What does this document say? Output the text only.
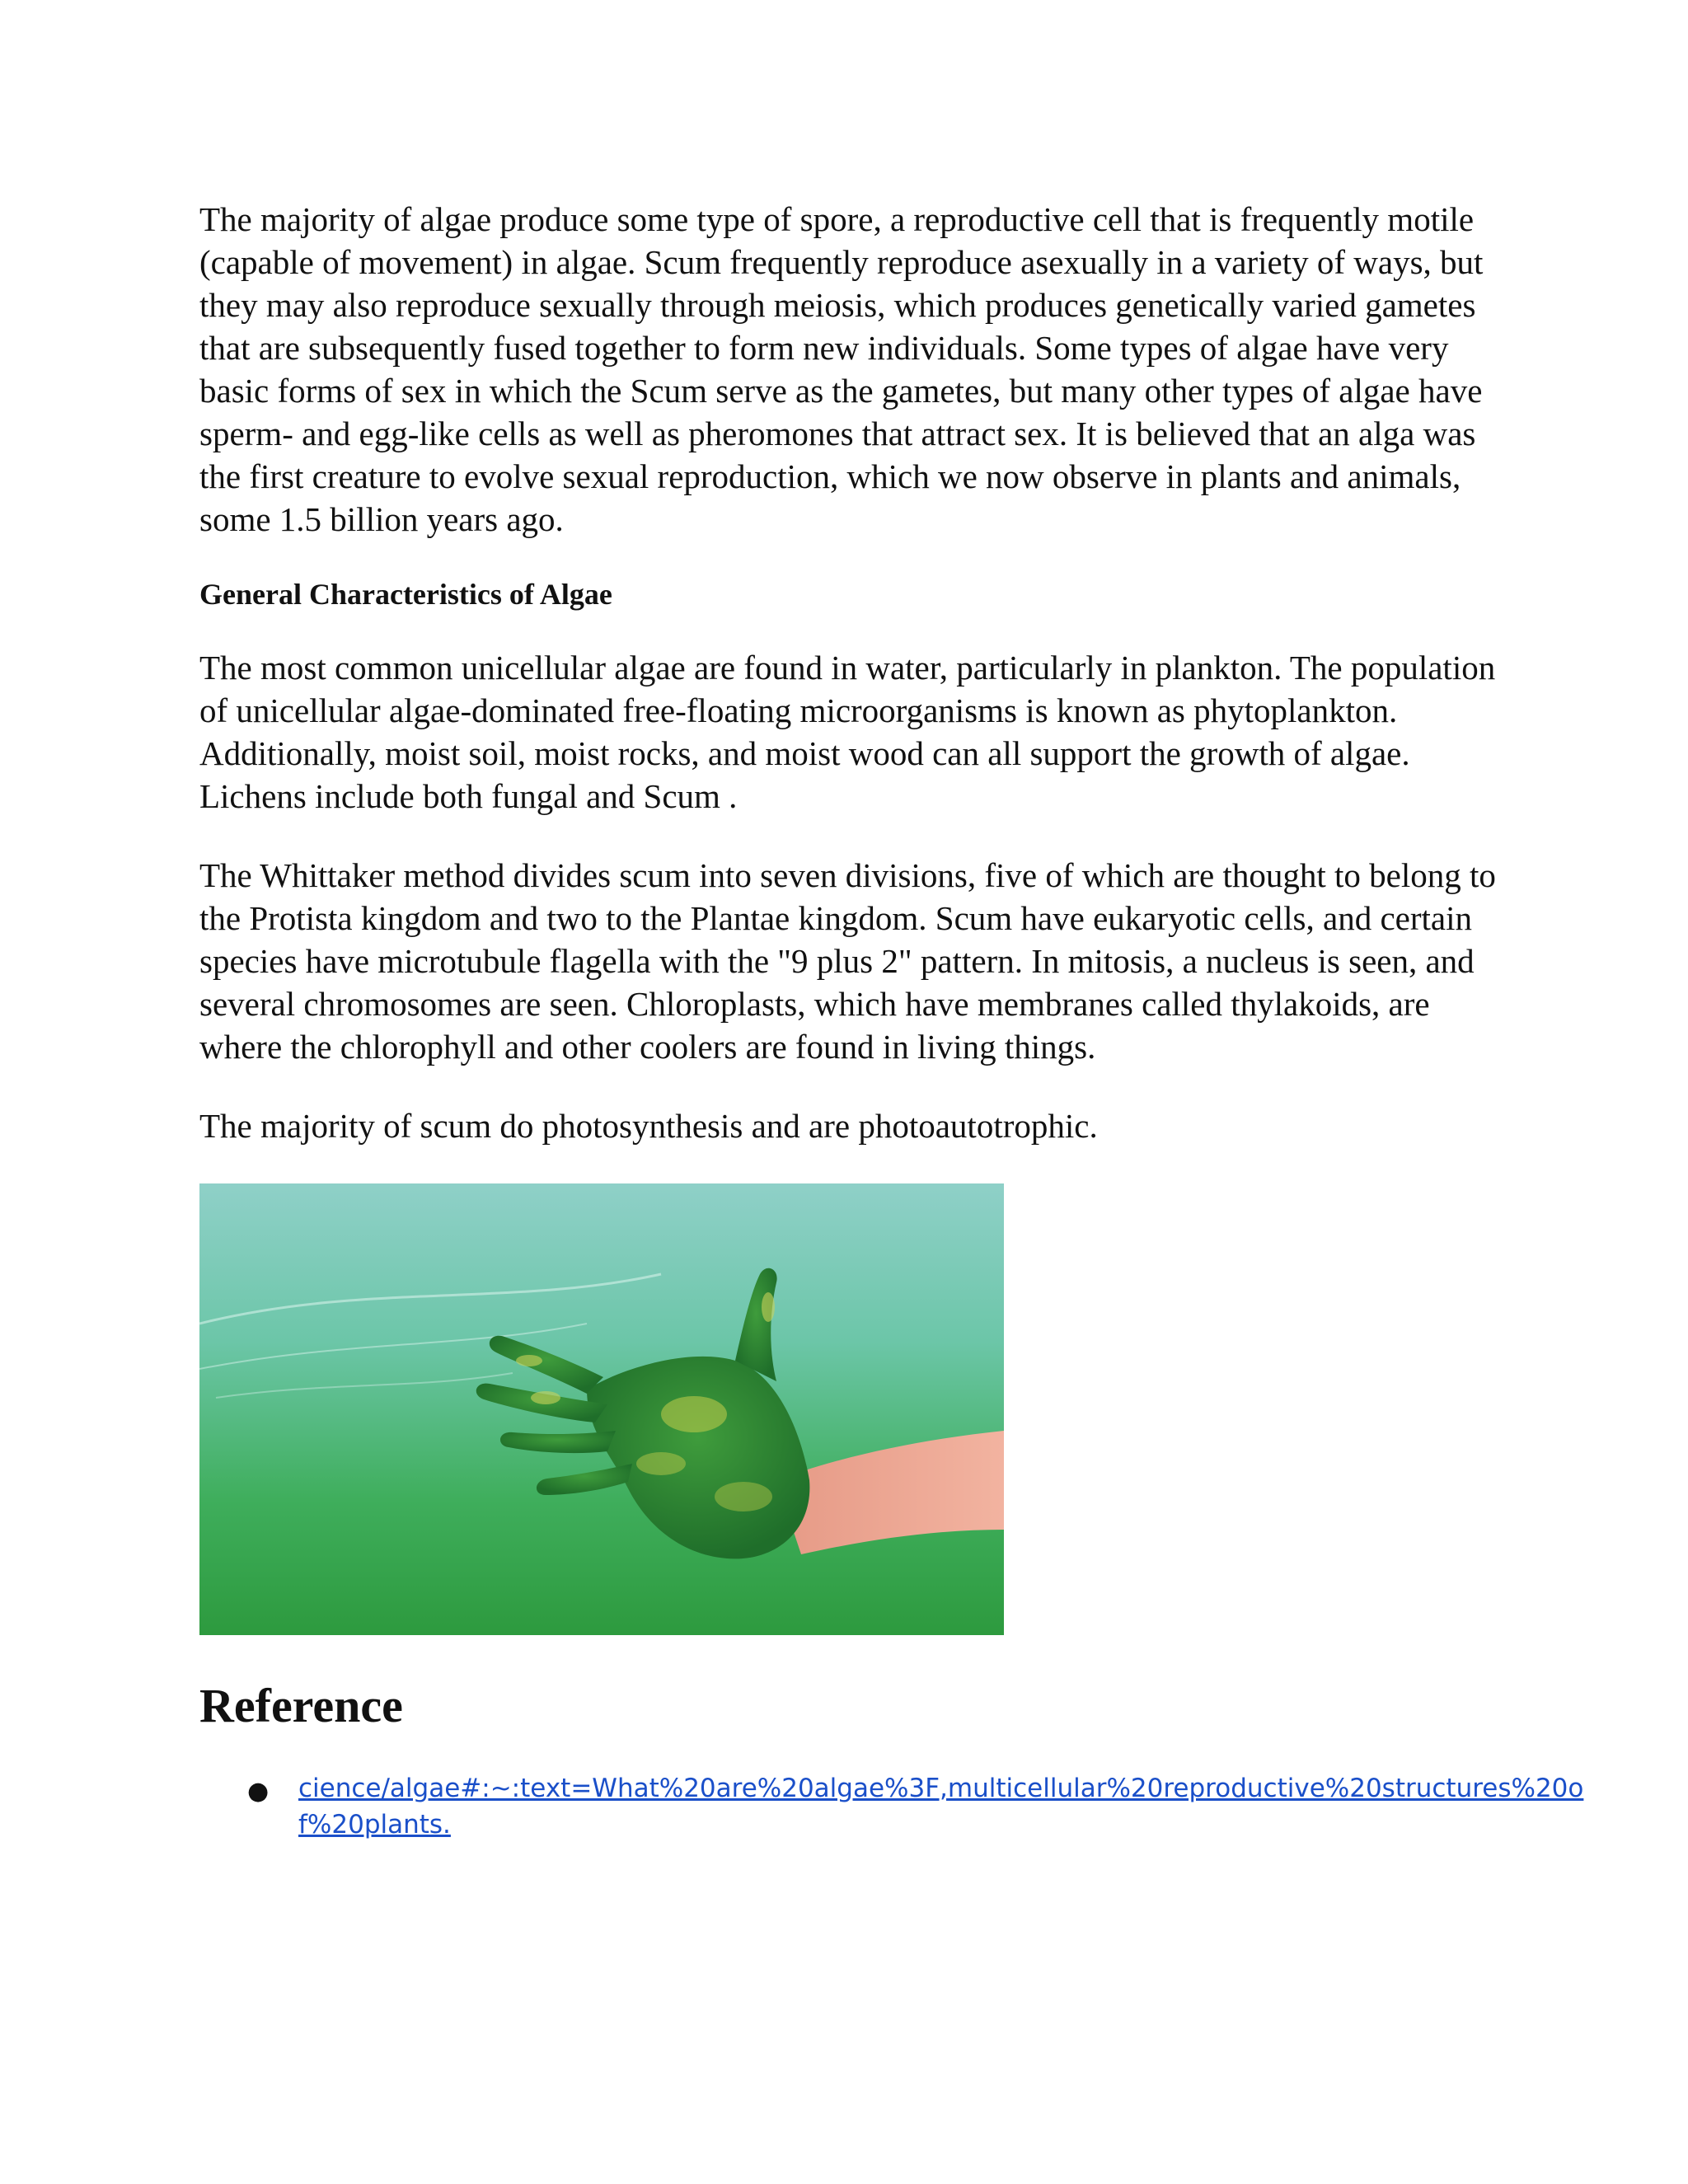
The majority of algae produce some type of spore, a reproductive cell that is frequently motile (capable of movement) in algae. Scum frequently reproduce asexually in a variety of ways, but they may also reproduce sexually through meiosis, which produces genetically varied gametes that are subsequently fused together to form new individuals. Some types of algae have very basic forms of sex in which the Scum serve as the gametes, but many other types of algae have sperm- and egg-like cells as well as pheromones that attract sex. It is believed that an alga was the first creature to evolve sexual reproduction, which we now observe in plants and animals, some 1.5 billion years ago.

General Characteristics of Algae

The most common unicellular algae are found in water, particularly in plankton. The population of unicellular algae-dominated free-floating microorganisms is known as phytoplankton. Additionally, moist soil, moist rocks, and moist wood can all support the growth of algae. Lichens include both fungal and Scum .

The Whittaker method divides scum into seven divisions, five of which are thought to belong to the Protista kingdom and two to the Plantae kingdom. Scum have eukaryotic cells, and certain species have microtubule flagella with the "9 plus 2" pattern. In mitosis, a nucleus is seen, and several chromosomes are seen. Chloroplasts, which have membranes called thylakoids, are where the chlorophyll and other coolers are found in living things.

The majority of scum do photosynthesis and are photoautotrophic.

Reference
● cience/algae#:~:text=What%20are%20algae%3F,multicellular%20reproductive%20structures%20of%20plants.
